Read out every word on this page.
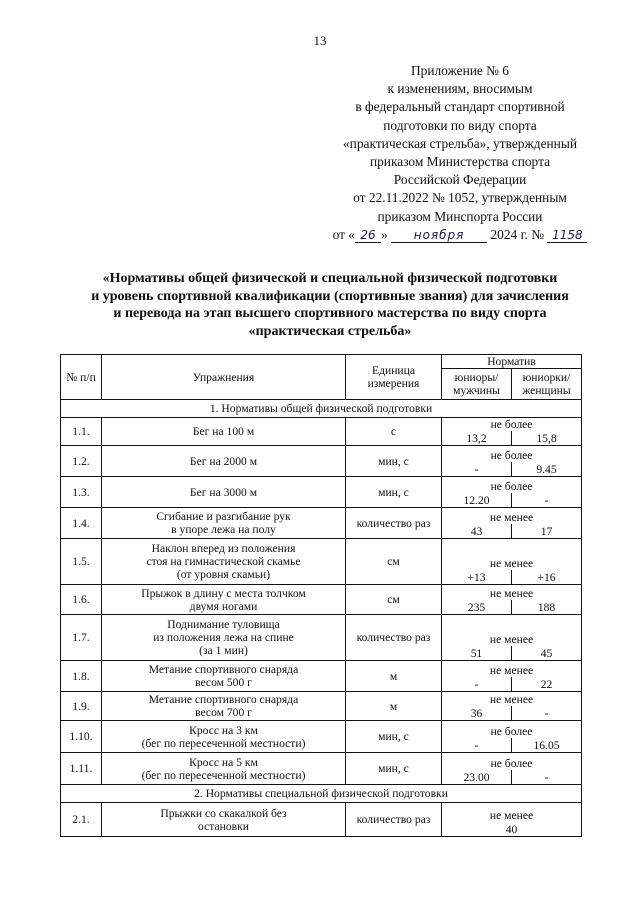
13
Приложение № 6
к изменениям, вносимым
в федеральный стандарт спортивной
подготовки по виду спорта
«практическая стрельба», утвержденный
приказом Министерства спорта
Российской Федерации
от 22.11.2022 № 1052, утвержденным
приказом Минспорта России
от « 26 » ноября 2024 г. № 1158
«Нормативы общей физической и специальной физической подготовки
и уровень спортивной квалификации (спортивные звания) для зачисления
и перевода на этап высшего спортивного мастерства по виду спорта
«практическая стрельба»
№ п/п	Упражнения	Единица измерения	Норматив	
			юниоры/ мужчины	юниорки/ женщины
1. Нормативы общей физической подготовки				
1.1.	Бег на 100 м	с	не более	
			13,2	15,8
1.2.	Бег на 2000 м	мин, с	не более	
			-	9.45
1.3.	Бег на 3000 м	мин, с	не более	
			12.20	-
1.4.	Сгибание и разгибание рук
в упоре лежа на полу	количество раз	не менее	
			43	17
1.5.	Наклон вперед из положения
стоя на гимнастической скамье
(от уровня скамьи)	см	не менее	
			+13	+16
1.6.	Прыжок в длину с места толчком
двумя ногами	см	не менее	
			235	188
1.7.	Поднимание туловища
из положения лежа на спине
(за 1 мин)	количество раз	не менее	
			51	45
1.8.	Метание спортивного снаряда
весом 500 г	м	не менее	
			-	22
1.9.	Метание спортивного снаряда
весом 700 г	м	не менее	
			36	-
1.10.	Кросс на 3 км
(бег по пересеченной местности)	мин, с	не более	
			-	16.05
1.11.	Кросс на 5 км
(бег по пересеченной местности)	мин, с	не более	
			23.00	-
2. Нормативы специальной физической подготовки				
2.1.	Прыжки со скакалкой без
остановки	количество раз	не менее	
			40	
